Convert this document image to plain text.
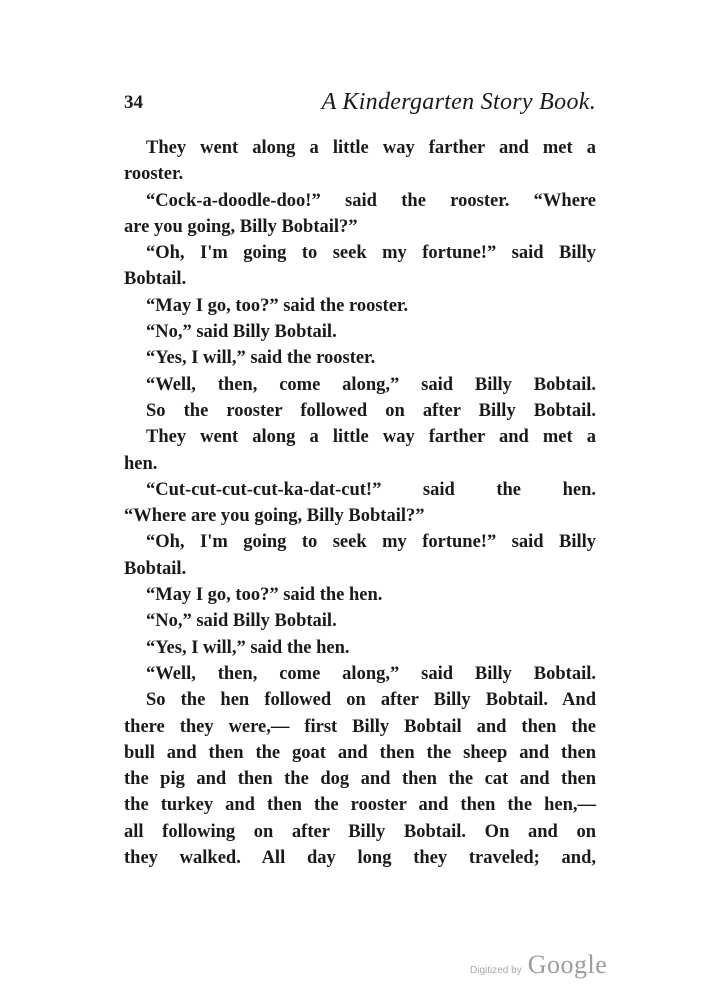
34	A Kindergarten Story Book.
They went along a little way farther and met a
rooster.
“Cock-a-doodle-doo!” said the rooster. “Where
are you going, Billy Bobtail?”
“Oh, I'm going to seek my fortune!” said Billy
Bobtail.
“May I go, too?” said the rooster.
“No,” said Billy Bobtail.
“Yes, I will,” said the rooster.
“Well, then, come along,” said Billy Bobtail.
So the rooster followed on after Billy Bobtail.
They went along a little way farther and met a
hen.
“Cut-cut-cut-cut-ka-dat-cut!” said the hen.
“Where are you going, Billy Bobtail?”
“Oh, I'm going to seek my fortune!” said Billy
Bobtail.
“May I go, too?” said the hen.
“No,” said Billy Bobtail.
“Yes, I will,” said the hen.
“Well, then, come along,” said Billy Bobtail.
So the hen followed on after Billy Bobtail. And
there they were,— first Billy Bobtail and then the
bull and then the goat and then the sheep and then
the pig and then the dog and then the cat and then
the turkey and then the rooster and then the hen,—
all following on after Billy Bobtail. On and on
they walked. All day long they traveled; and,
Digitized by Google
